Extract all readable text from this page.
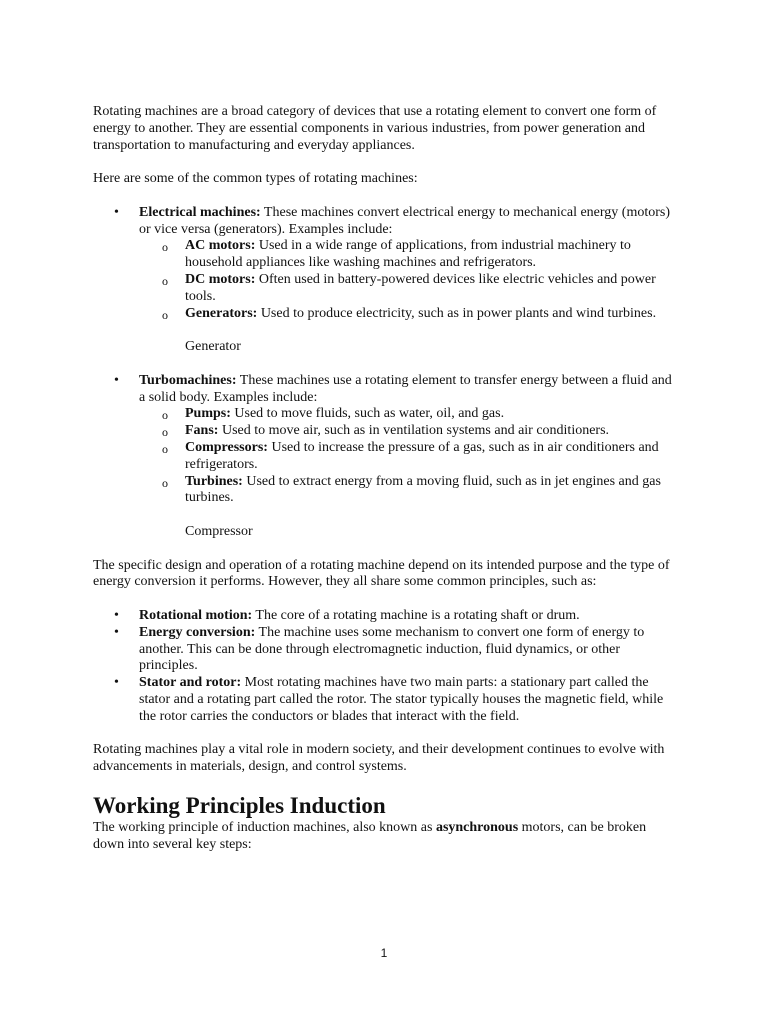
Rotating machines are a broad category of devices that use a rotating element to convert one form of energy to another. They are essential components in various industries, from power generation and transportation to manufacturing and everyday appliances.

Here are some of the common types of rotating machines:

• Electrical machines: These machines convert electrical energy to mechanical energy (motors) or vice versa (generators). Examples include:
o AC motors: Used in a wide range of applications, from industrial machinery to household appliances like washing machines and refrigerators.
o DC motors: Often used in battery-powered devices like electric vehicles and power tools.
o Generators: Used to produce electricity, such as in power plants and wind turbines.

Generator

• Turbomachines: These machines use a rotating element to transfer energy between a fluid and a solid body. Examples include:
o Pumps: Used to move fluids, such as water, oil, and gas.
o Fans: Used to move air, such as in ventilation systems and air conditioners.
o Compressors: Used to increase the pressure of a gas, such as in air conditioners and refrigerators.
o Turbines: Used to extract energy from a moving fluid, such as in jet engines and gas turbines.

Compressor

The specific design and operation of a rotating machine depend on its intended purpose and the type of energy conversion it performs. However, they all share some common principles, such as:

• Rotational motion: The core of a rotating machine is a rotating shaft or drum.
• Energy conversion: The machine uses some mechanism to convert one form of energy to another. This can be done through electromagnetic induction, fluid dynamics, or other principles.
• Stator and rotor: Most rotating machines have two main parts: a stationary part called the stator and a rotating part called the rotor. The stator typically houses the magnetic field, while the rotor carries the conductors or blades that interact with the field.

Rotating machines play a vital role in modern society, and their development continues to evolve with advancements in materials, design, and control systems.

Working Principles Induction

The working principle of induction machines, also known as asynchronous motors, can be broken down into several key steps:

1
